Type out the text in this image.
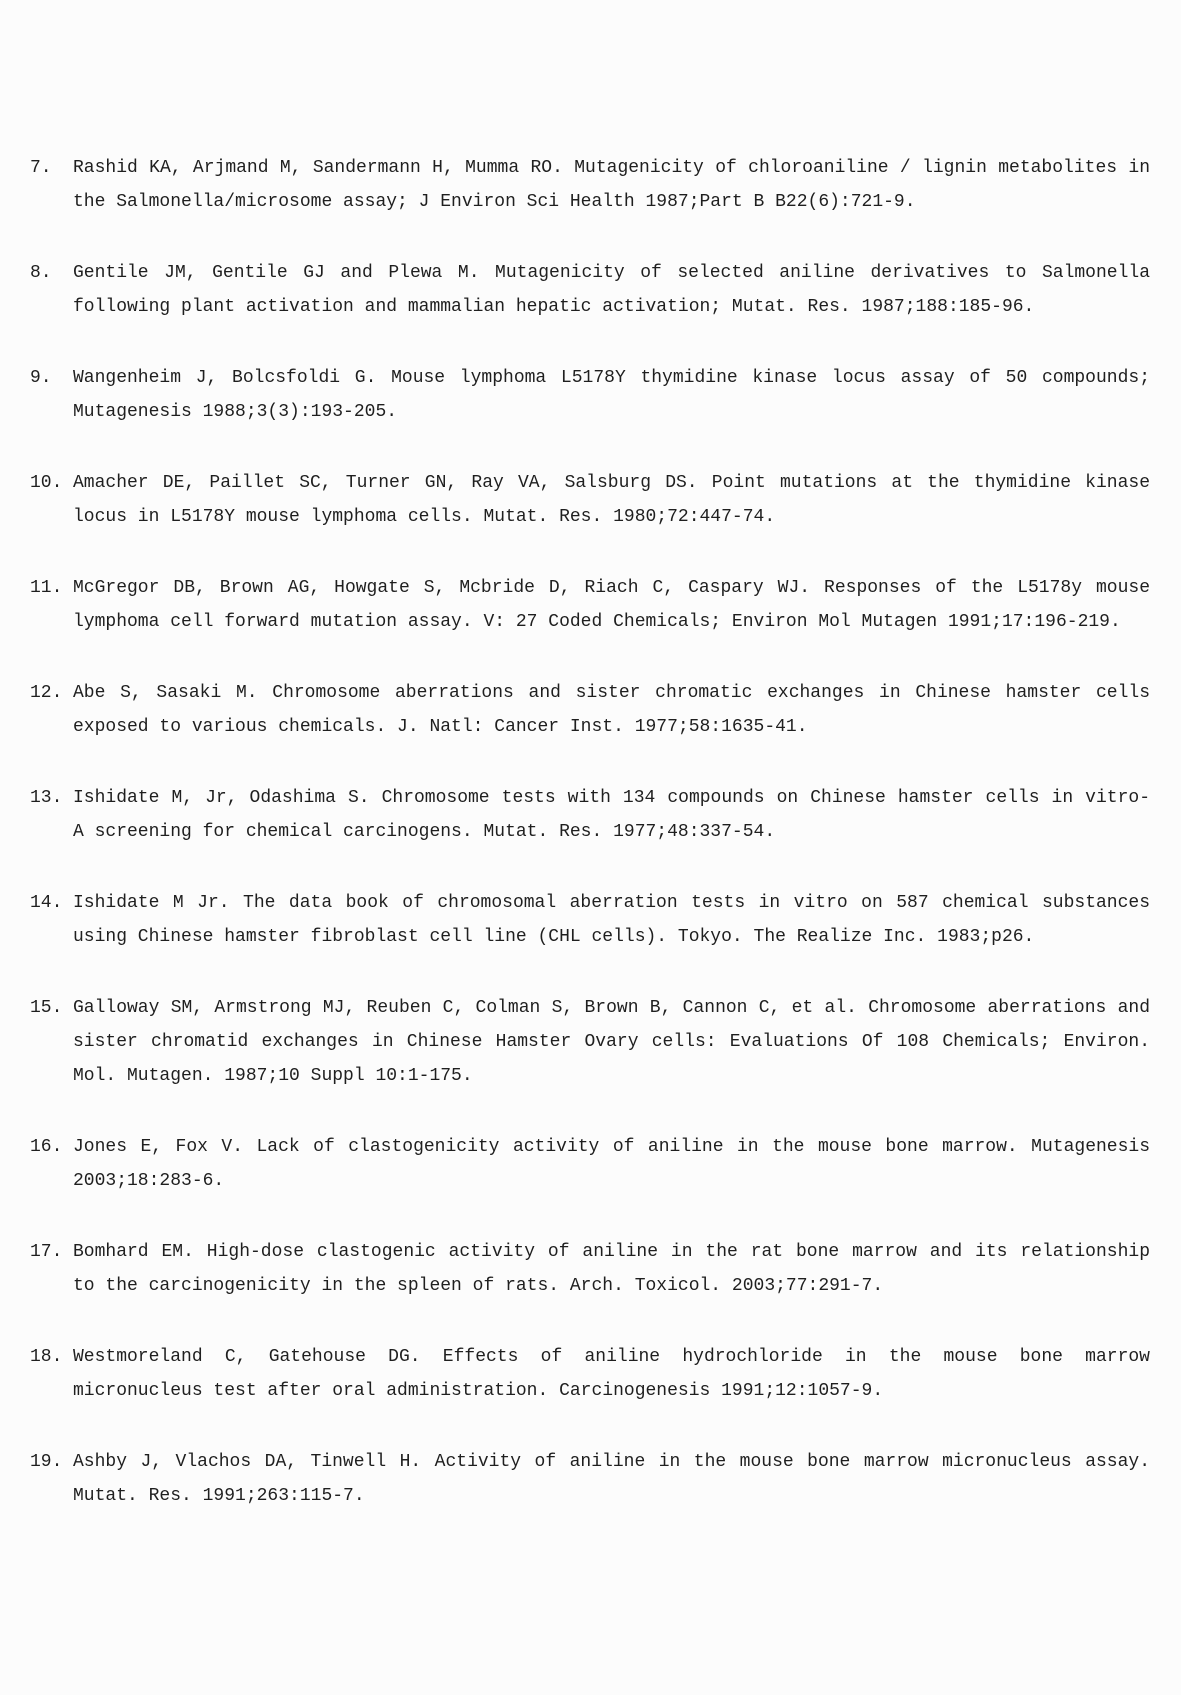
7.	Rashid KA, Arjmand M, Sandermann H, Mumma RO. Mutagenicity of chloroaniline / lignin metabolites in the Salmonella/microsome assay; J Environ Sci Health 1987;Part B B22(6):721-9.
8.	Gentile JM, Gentile GJ and Plewa M. Mutagenicity of selected aniline derivatives to Salmonella following plant activation and mammalian hepatic activation; Mutat. Res. 1987;188:185-96.
9.	Wangenheim J, Bolcsfoldi G. Mouse lymphoma L5178Y thymidine kinase locus assay of 50 compounds; Mutagenesis 1988;3(3):193-205.
10. Amacher DE, Paillet SC, Turner GN, Ray VA, Salsburg DS. Point mutations at the thymidine kinase locus in L5178Y mouse lymphoma cells. Mutat. Res. 1980;72:447-74.
11. McGregor DB, Brown AG, Howgate S, Mcbride D, Riach C, Caspary WJ. Responses of the L5178y mouse lymphoma cell forward mutation assay. V: 27 Coded Chemicals; Environ Mol Mutagen 1991;17:196-219.
12. Abe S, Sasaki M. Chromosome aberrations and sister chromatic exchanges in Chinese hamster cells exposed to various chemicals. J. Natl: Cancer Inst. 1977;58:1635-41.
13. Ishidate M, Jr, Odashima S. Chromosome tests with 134 compounds on Chinese hamster cells in vitro- A screening for chemical carcinogens. Mutat. Res. 1977;48:337-54.
14. Ishidate M Jr. The data book of chromosomal aberration tests in vitro on 587 chemical substances using Chinese hamster fibroblast cell line (CHL cells). Tokyo. The Realize Inc. 1983;p26.
15. Galloway SM, Armstrong MJ, Reuben C, Colman S, Brown B, Cannon C, et al. Chromosome aberrations and sister chromatid exchanges in Chinese Hamster Ovary cells: Evaluations Of 108 Chemicals; Environ. Mol. Mutagen. 1987;10 Suppl 10:1-175.
16. Jones E, Fox V. Lack of clastogenicity activity of aniline in the mouse bone marrow. Mutagenesis 2003;18:283-6.
17. Bomhard EM. High-dose clastogenic activity of aniline in the rat bone marrow and its relationship to the carcinogenicity in the spleen of rats. Arch. Toxicol. 2003;77:291-7.
18. Westmoreland C, Gatehouse DG. Effects of aniline hydrochloride in the mouse bone marrow micronucleus test after oral administration. Carcinogenesis 1991;12:1057-9.
19. Ashby J, Vlachos DA, Tinwell H. Activity of aniline in the mouse bone marrow micronucleus assay. Mutat. Res. 1991;263:115-7.
